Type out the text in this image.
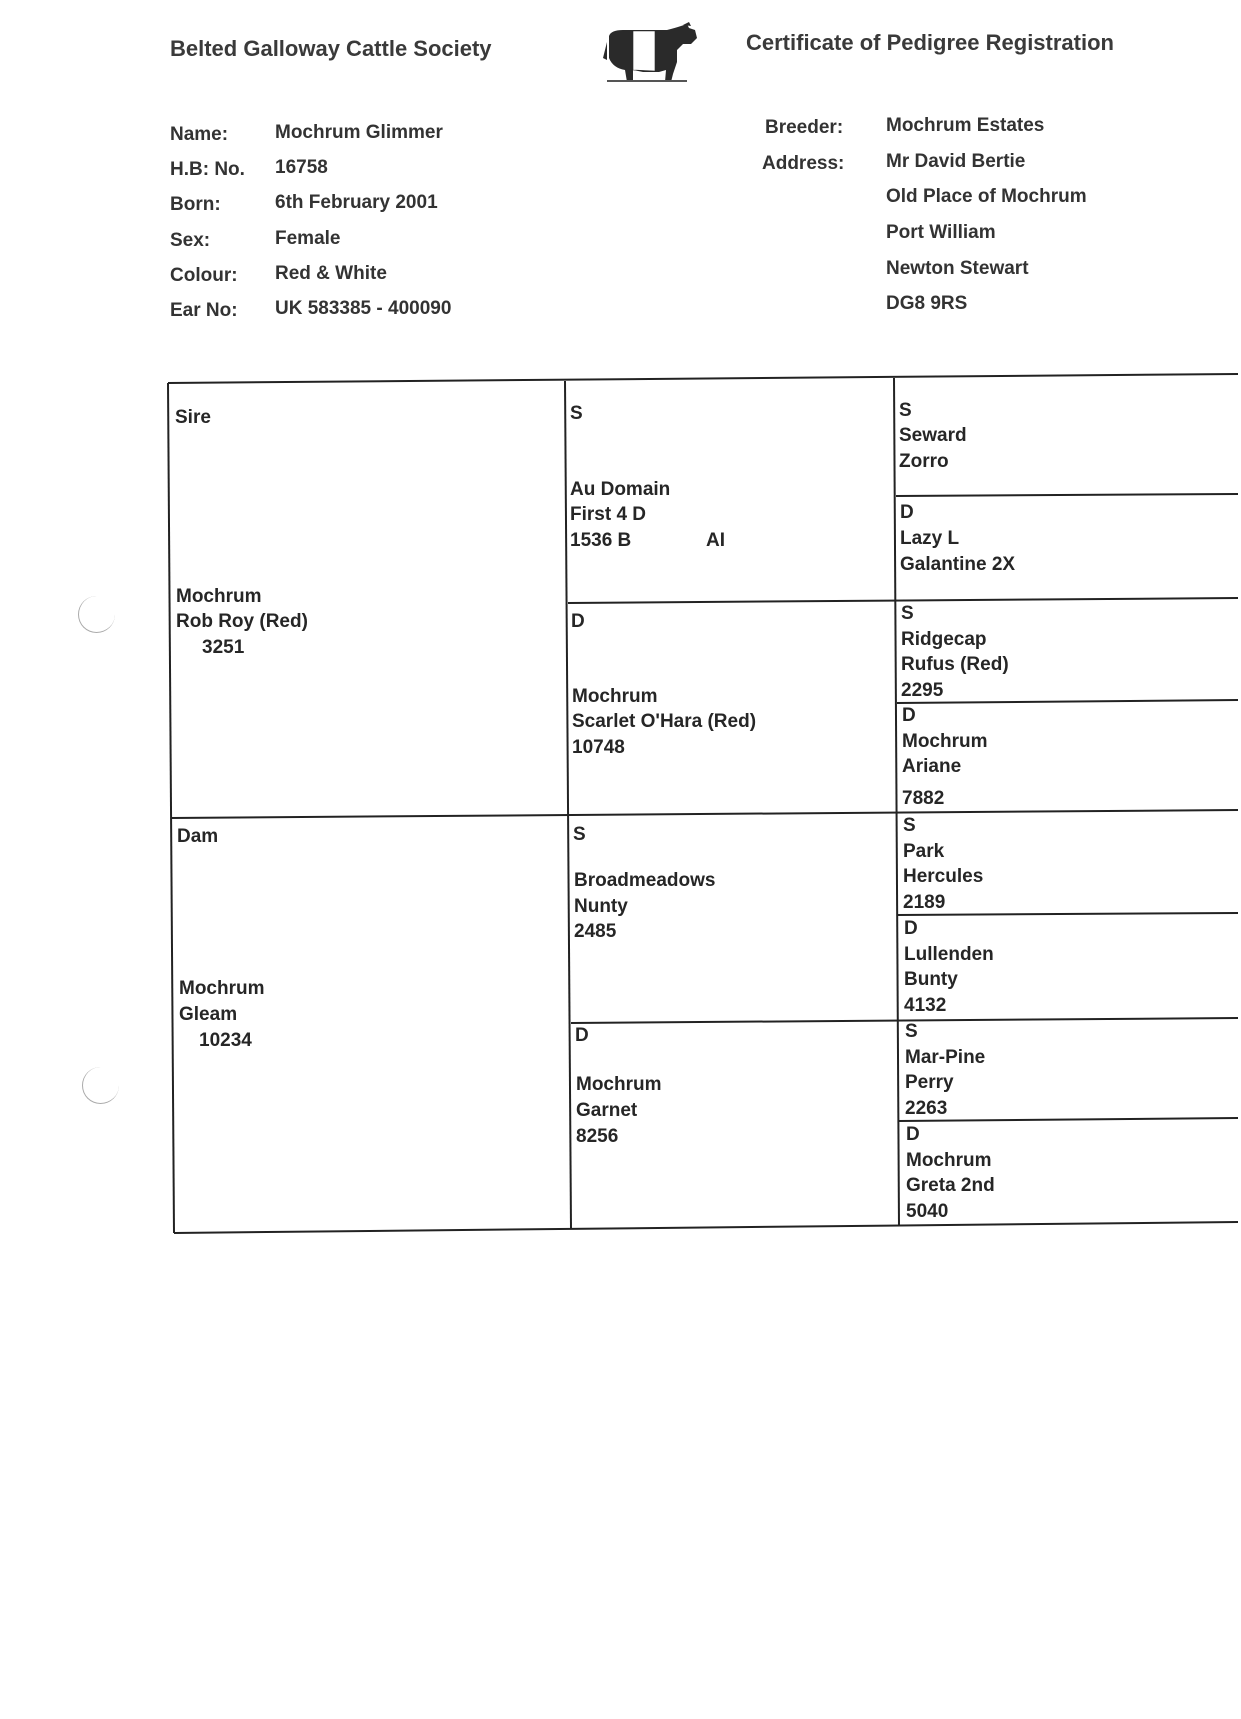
Belted Galloway Cattle Society	Certificate of Pedigree Registration
Name:
H.B: No.
Born:
Sex:
Colour:
Ear No:
Mochrum Glimmer
16758
6th February 2001
Female
Red & White
UK 583385 - 400090
Breeder:
Address:
Mochrum Estates
Mr David Bertie
Old Place of Mochrum
Port William
Newton Stewart
DG8 9RS
Sire
Mochrum
Rob Roy (Red)
3251
Dam
Mochrum
Gleam
10234
S
Au Domain
First 4 D
1536 B	AI
D
Mochrum
Scarlet O'Hara (Red)
10748
S
Broadmeadows
Nunty
2485
D
Mochrum
Garnet
8256
S
Seward
Zorro
D
Lazy L
Galantine 2X
S
Ridgecap
Rufus (Red)
2295
D
Mochrum
Ariane
7882
S
Park
Hercules
2189
D
Lullenden
Bunty
4132
S
Mar-Pine
Perry
2263
D
Mochrum
Greta 2nd
5040
